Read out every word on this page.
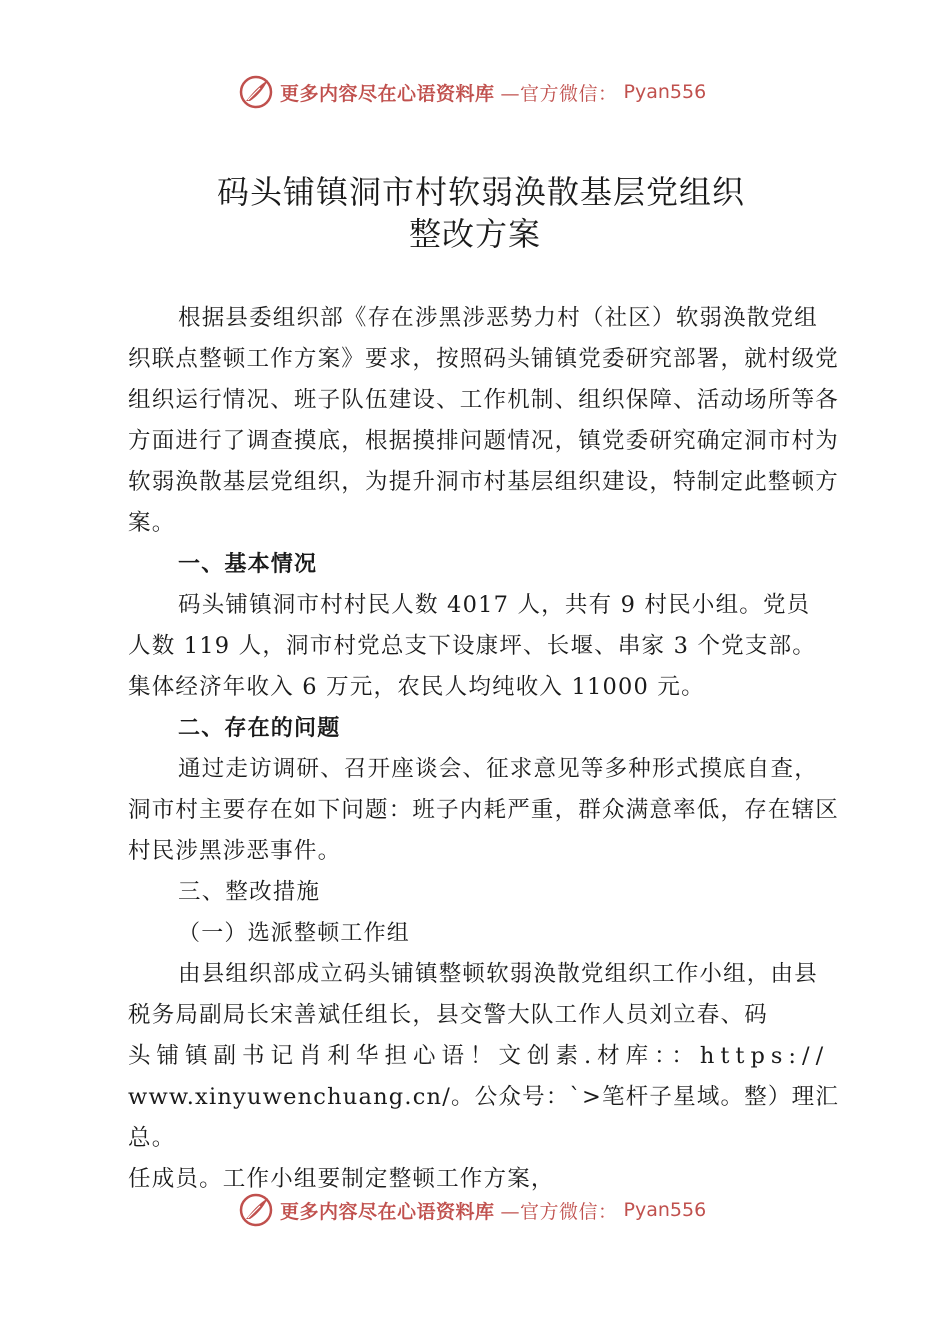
更多内容尽在心语资料库 —官方微信： Pyan556
码头铺镇洞市村软弱涣散基层党组织
整改方案

根据县委组织部《存在涉黑涉恶势力村（社区）软弱涣散党组织联点整顿工作方案》要求，按照码头铺镇党委研究部署，就村级党组织运行情况、班子队伍建设、工作机制、组织保障、活动场所等各方面进行了调查摸底，根据摸排问题情况，镇党委研究确定洞市村为软弱涣散基层党组织，为提升洞市村基层组织建设，特制定此整顿方案。

一、基本情况

码头铺镇洞市村村民人数 4017 人，共有 9 村民小组。党员

人数 119 人，洞市村党总支下设康坪、长堰、串家 3 个党支部。

集体经济年收入 6 万元，农民人均纯收入 11000 元。

二、存在的问题

通过走访调研、召开座谈会、征求意见等多种形式摸底自查，洞市村主要存在如下问题：班子内耗严重，群众满意率低，存在辖区村民涉黑涉恶事件。

三、整改措施

（一）选派整顿工作组

由县组织部成立码头铺镇整顿软弱涣散党组织工作小组，由县税务局副局长宋善斌任组长，县交警大队工作人员刘立春、码

头铺镇副书记肖利华担心语！文创素.材库：：https://

www.xinyuwenchuang.cn/。公众号：`>笔杆子星域。整）理汇总。

任成员。工作小组要制定整顿工作方案，

更多内容尽在心语资料库 —官方微信： Pyan556
